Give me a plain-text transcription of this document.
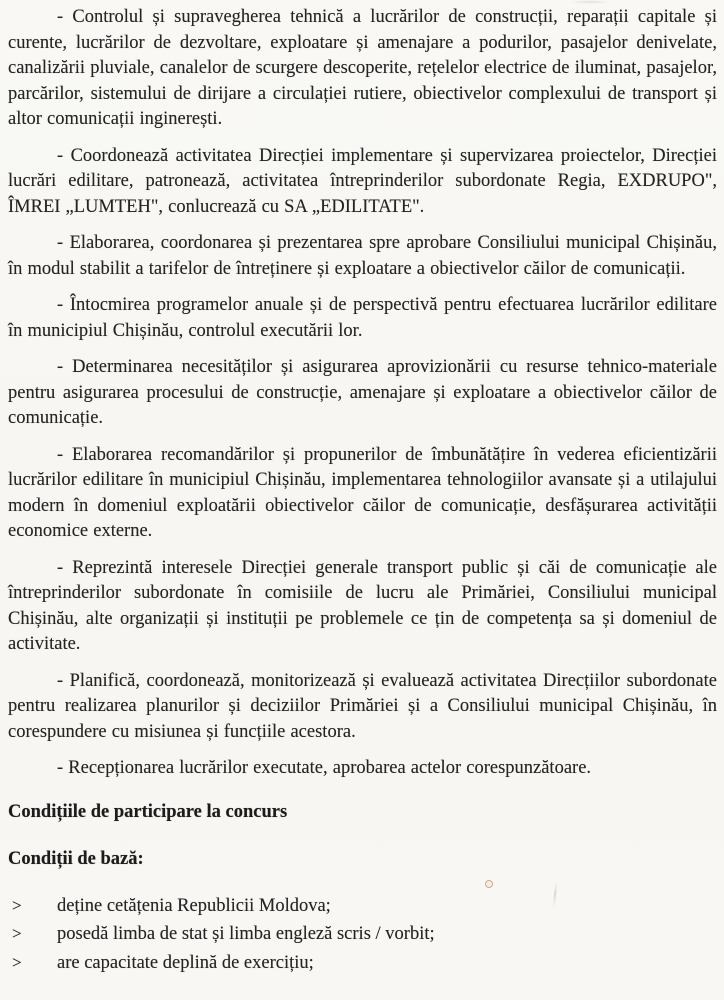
- Controlul și supravegherea tehnică a lucrărilor de construcții, reparații capitale și curente, lucrărilor de dezvoltare, exploatare și amenajare a podurilor, pasajelor denivelate, canalizării pluviale, canalelor de scurgere descoperite, rețelelor electrice de iluminat, pasajelor, parcărilor, sistemului de dirijare a circulației rutiere, obiectivelor complexului de transport și altor comunicații inginerești.

- Coordonează activitatea Direcției implementare și supervizarea proiectelor, Direcției lucrări edilitare, patronează, activitatea întreprinderilor subordonate Regia, EXDRUPO", ÎMREI „LUMTEH", conlucrează cu SA „EDILITATE".

- Elaborarea, coordonarea și prezentarea spre aprobare Consiliului municipal Chișinău, în modul stabilit a tarifelor de întreținere și exploatare a obiectivelor căilor de comunicații.

- Întocmirea programelor anuale și de perspectivă pentru efectuarea lucrărilor edilitare în municipiul Chișinău, controlul executării lor.

- Determinarea necesităților și asigurarea aprovizionării cu resurse tehnico-materiale pentru asigurarea procesului de construcție, amenajare și exploatare a obiectivelor căilor de comunicație.

- Elaborarea recomandărilor și propunerilor de îmbunătățire în vederea eficientizării lucrărilor edilitare în municipiul Chișinău, implementarea tehnologiilor avansate și a utilajului modern în domeniul exploatării obiectivelor căilor de comunicație, desfășurarea activității economice externe.

- Reprezintă interesele Direcției generale transport public și căi de comunicație ale întreprinderilor subordonate în comisiile de lucru ale Primăriei, Consiliului municipal Chișinău, alte organizații și instituții pe problemele ce țin de competența sa și domeniul de activitate.

- Planifică, coordonează, monitorizează și evaluează activitatea Direcțiilor subordonate pentru realizarea planurilor și deciziilor Primăriei și a Consiliului municipal Chișinău, în corespundere cu misiunea și funcțiile acestora.

- Recepționarea lucrărilor executate, aprobarea actelor corespunzătoare.

Condițiile de participare la concurs
Condiții de bază:
>	deține cetățenia Republicii Moldova;
>	posedă limba de stat și limba engleză scris / vorbit;
>	are capacitate deplină de exercițiu;
